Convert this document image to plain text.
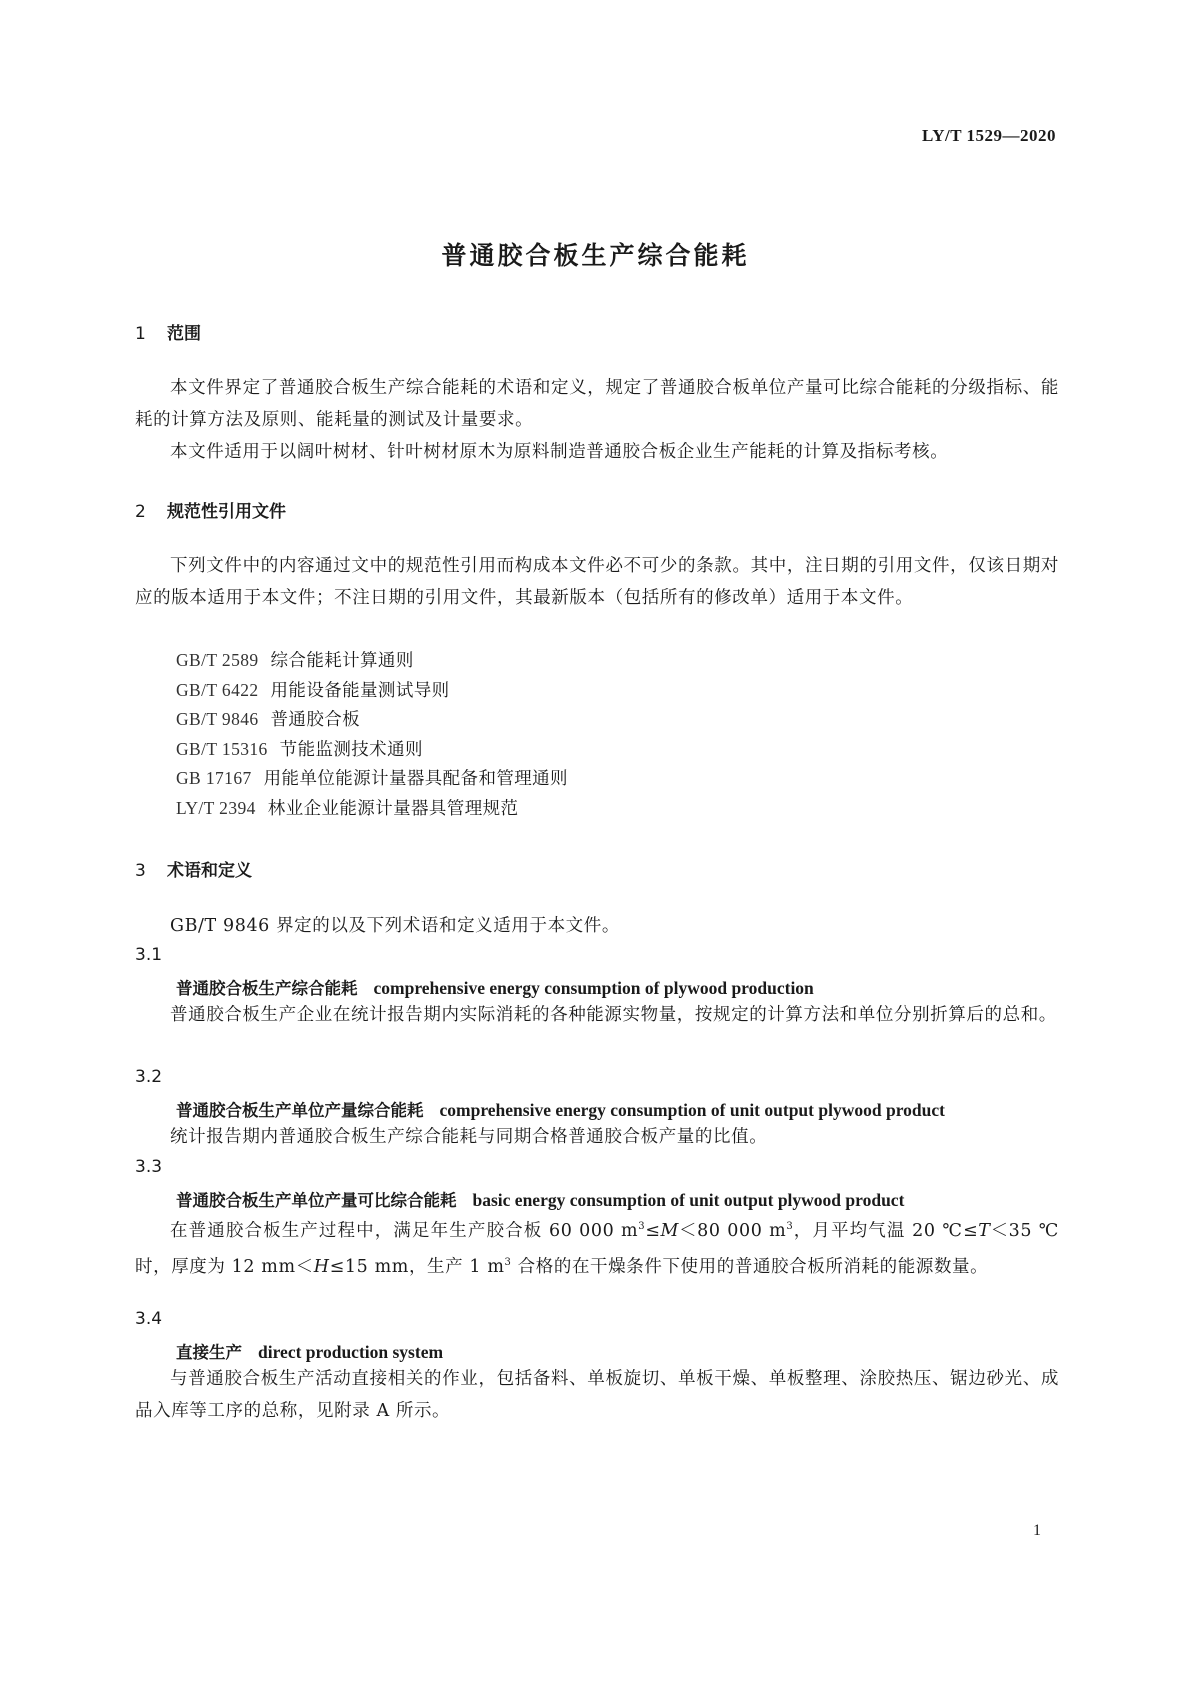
LY/T 1529—2020
普通胶合板生产综合能耗
1 范围

本文件界定了普通胶合板生产综合能耗的术语和定义，规定了普通胶合板单位产量可比综合能耗的分级指标、能耗的计算方法及原则、能耗量的测试及计量要求。

本文件适用于以阔叶树材、针叶树材原木为原料制造普通胶合板企业生产能耗的计算及指标考核。

2 规范性引用文件

下列文件中的内容通过文中的规范性引用而构成本文件必不可少的条款。其中，注日期的引用文件，仅该日期对应的版本适用于本文件；不注日期的引用文件，其最新版本（包括所有的修改单）适用于本文件。

GB/T 2589 综合能耗计算通则
GB/T 6422 用能设备能量测试导则
GB/T 9846 普通胶合板
GB/T 15316 节能监测技术通则
GB 17167 用能单位能源计量器具配备和管理通则
LY/T 2394 林业企业能源计量器具管理规范
3 术语和定义

GB/T 9846 界定的以及下列术语和定义适用于本文件。

3.1
普通胶合板生产综合能耗 comprehensive energy consumption of plywood production

普通胶合板生产企业在统计报告期内实际消耗的各种能源实物量，按规定的计算方法和单位分别折算后的总和。

3.2
普通胶合板生产单位产量综合能耗 comprehensive energy consumption of unit output plywood product

统计报告期内普通胶合板生产综合能耗与同期合格普通胶合板产量的比值。

3.3
普通胶合板生产单位产量可比综合能耗 basic energy consumption of unit output plywood product

在普通胶合板生产过程中，满足年生产胶合板 60 000 $m^3\le M<80$ 000 $m^3$，月平均气温 20 ℃≤T＜35 ℃时，厚度为 12 mm＜H≤15 mm，生产 1 $m^3$ 合格的在干燥条件下使用的普通胶合板所消耗的能源数量。

3.4
直接生产 direct production system

与普通胶合板生产活动直接相关的作业，包括备料、单板旋切、单板干燥、单板整理、涂胶热压、锯边砂光、成品入库等工序的总称，见附录 A 所示。

1
